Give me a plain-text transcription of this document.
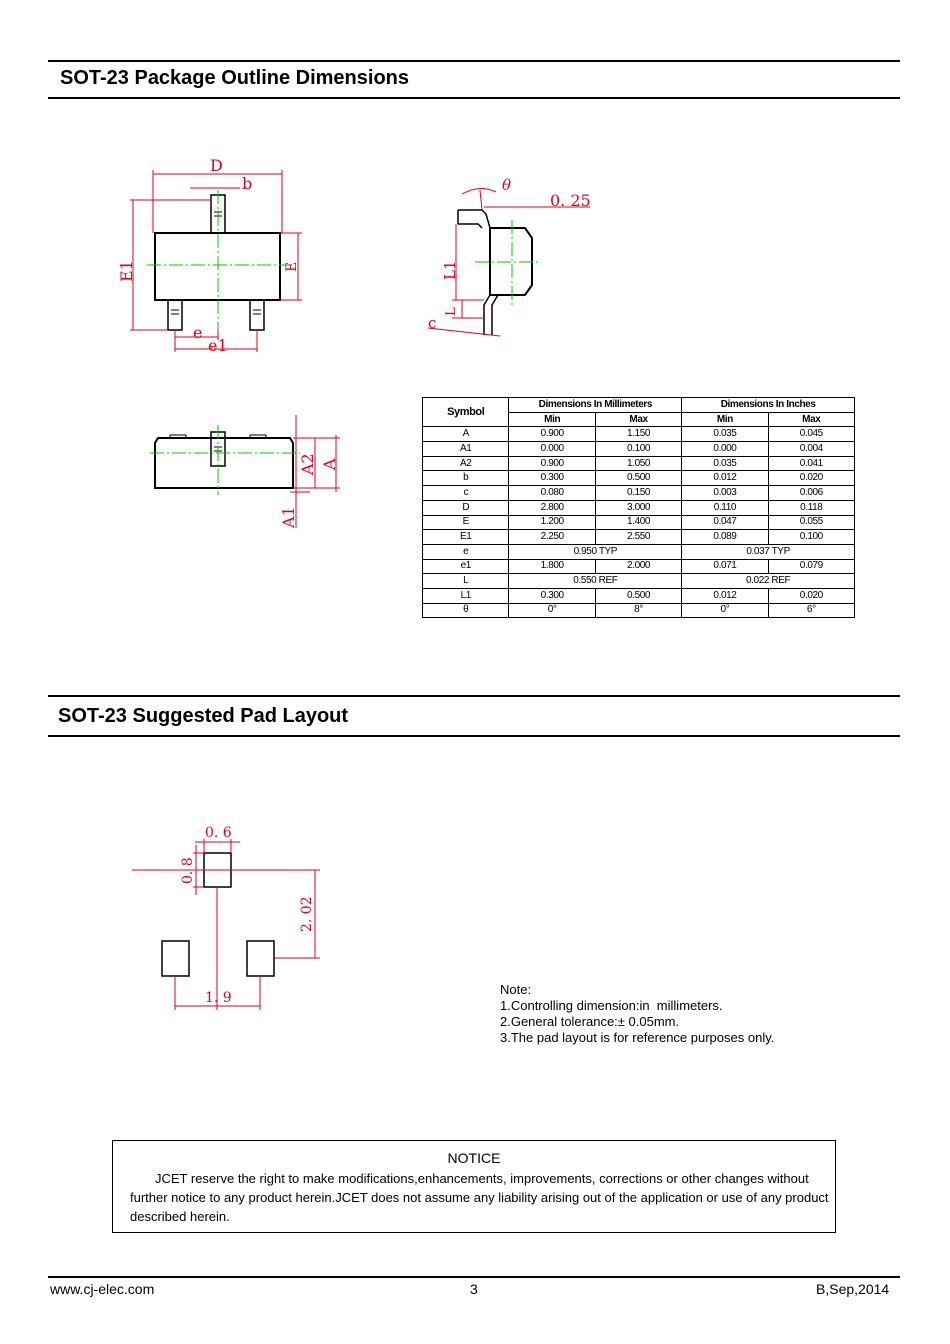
SOT-23 Package Outline Dimensions
D
b
E1	E
e
e1
θ
0. 25
L1
L
c
A2 A
A1
Symbol	Dimensions In Millimeters		Dimensions In Inches	
	Min	Max	Min	Max
A	0.900	1.150	0.035	0.045
A1	0.000	0.100	0.000	0.004
A2	0.900	1.050	0.035	0.041
b	0.300	0.500	0.012	0.020
c	0.080	0.150	0.003	0.006
D	2.800	3.000	0.110	0.118
E	1.200	1.400	0.047	0.055
E1	2.250	2.550	0.089	0.100
e	0.950 TYP		0.037 TYP	
e1	1.800	2.000	0.071	0.079
L	0.550 REF		0.022 REF	
L1	0.300	0.500	0.012	0.020
θ	0°	8°	0°	6°
SOT-23 Suggested Pad Layout
0. 6
0. 8
2. 02
1. 9
Note:
1.Controlling dimension:in  millimeters.
2.General tolerance:± 0.05mm.
3.The pad layout is for reference purposes only.
NOTICE
JCET reserve the right to make modifications,enhancements, improvements, corrections or other changes without further notice to any product herein.JCET does not assume any liability arising out of the application or use of any product described herein.
www.cj-elec.com	3	B,Sep,2014
